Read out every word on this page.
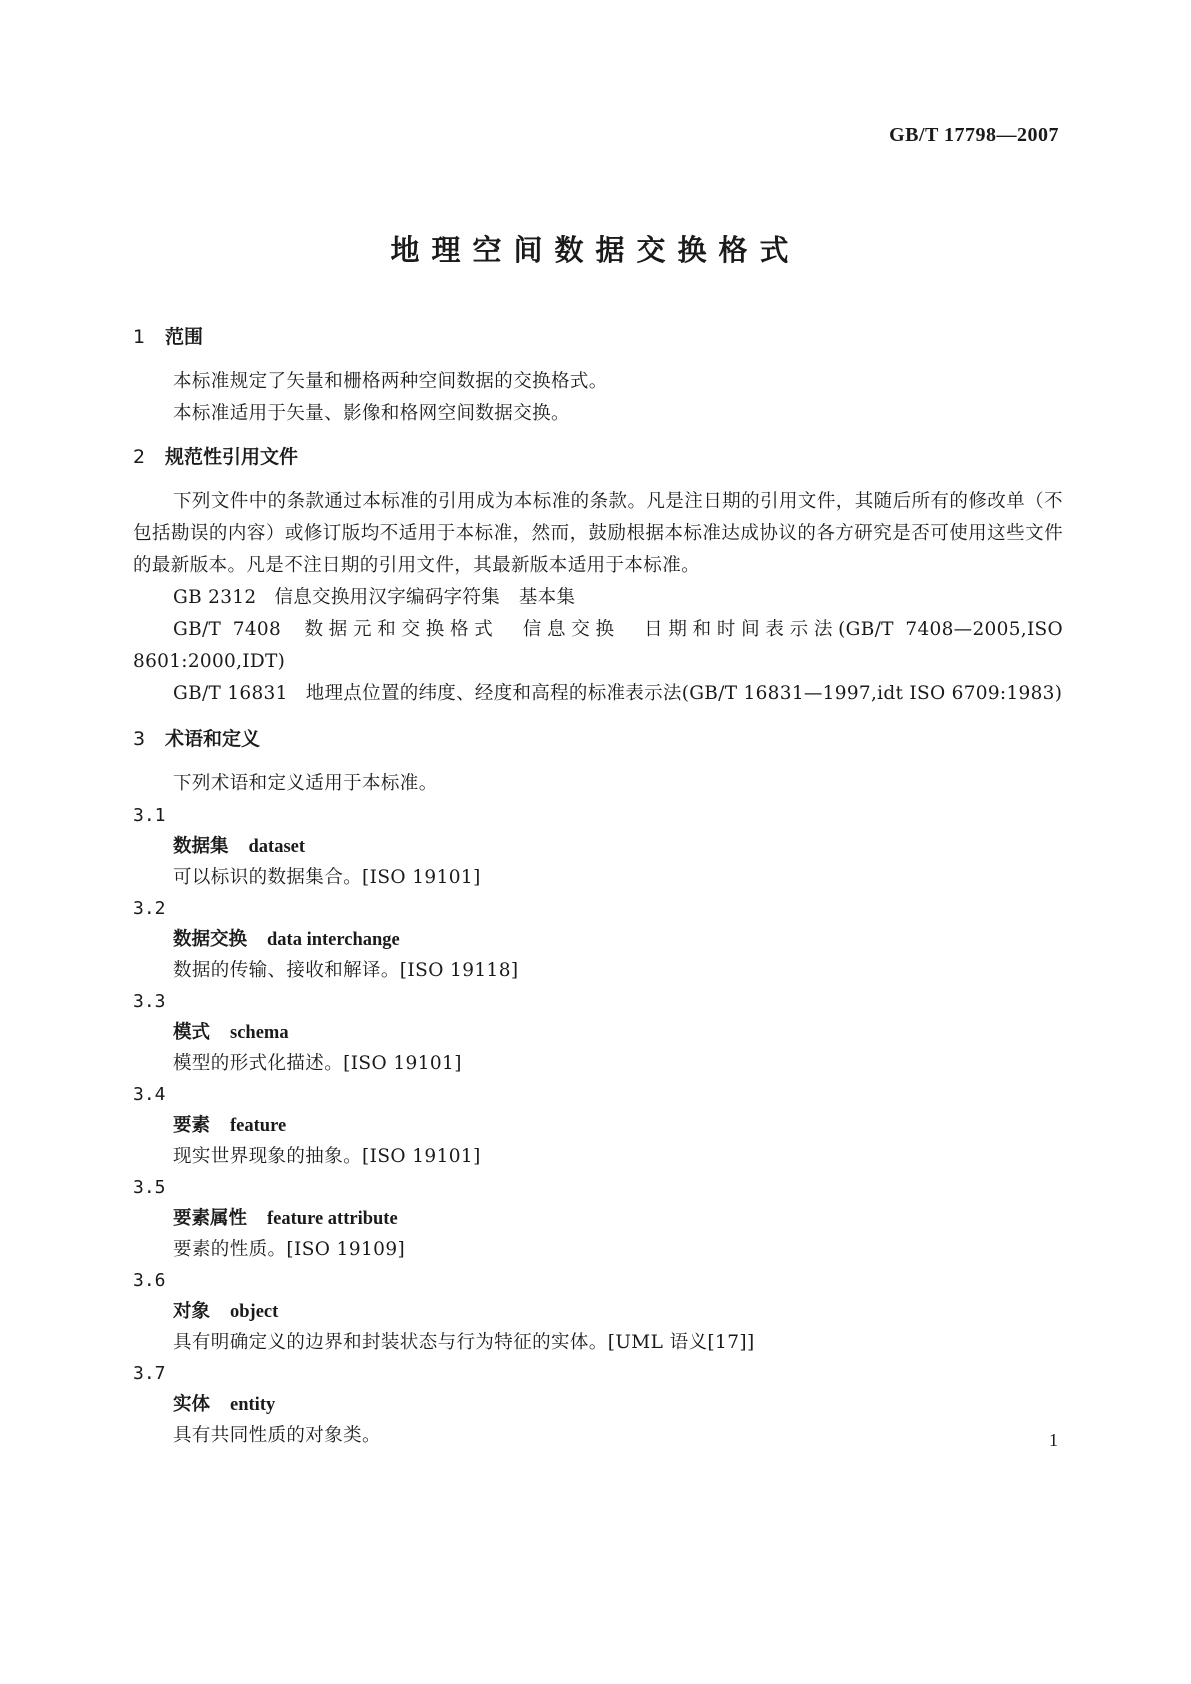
GB/T 17798—2007
地理空间数据交换格式
1 范围
本标准规定了矢量和栅格两种空间数据的交换格式。
本标准适用于矢量、影像和格网空间数据交换。
2 规范性引用文件
下列文件中的条款通过本标准的引用成为本标准的条款。凡是注日期的引用文件，其随后所有的修改单（不包括勘误的内容）或修订版均不适用于本标准，然而，鼓励根据本标准达成协议的各方研究是否可使用这些文件的最新版本。凡是不注日期的引用文件，其最新版本适用于本标准。
GB 2312 信息交换用汉字编码字符集　基本集
GB/T 7408 数据元和交换格式　信息交换　日期和时间表示法(GB/T 7408—2005,ISO 8601:2000,IDT)
GB/T 16831 地理点位置的纬度、经度和高程的标准表示法(GB/T 16831—1997,idt ISO 6709:1983)
3 术语和定义
下列术语和定义适用于本标准。
3.1
数据集 dataset
可以标识的数据集合。[ISO 19101]
3.2
数据交换 data interchange
数据的传输、接收和解译。[ISO 19118]
3.3
模式 schema
模型的形式化描述。[ISO 19101]
3.4
要素 feature
现实世界现象的抽象。[ISO 19101]
3.5
要素属性 feature attribute
要素的性质。[ISO 19109]
3.6
对象 object
具有明确定义的边界和封装状态与行为特征的实体。[UML 语义[17]]
3.7
实体 entity
具有共同性质的对象类。	1
